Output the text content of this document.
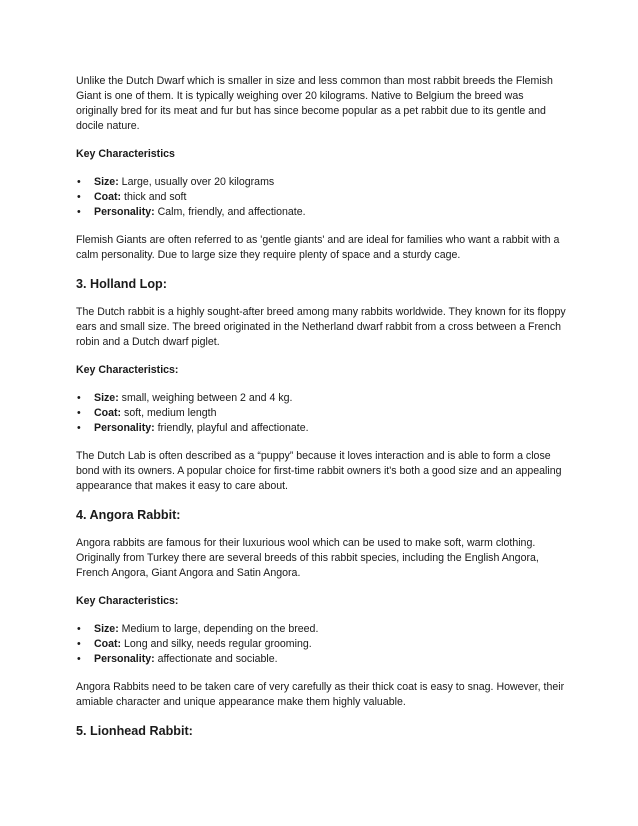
Unlike the Dutch Dwarf which is smaller in size and less common than most rabbit breeds the Flemish Giant is one of them. It is typically weighing over 20 kilograms. Native to Belgium the breed was originally bred for its meat and fur but has since become popular as a pet rabbit due to its gentle and docile nature.

Key Characteristics
• Size: Large, usually over 20 kilograms
• Coat: thick and soft
• Personality: Calm, friendly, and affectionate.

Flemish Giants are often referred to as 'gentle giants' and are ideal for families who want a rabbit with a calm personality. Due to large size they require plenty of space and a sturdy cage.

3. Holland Lop:

The Dutch rabbit is a highly sought-after breed among many rabbits worldwide. They known for its floppy ears and small size. The breed originated in the Netherland dwarf rabbit from a cross between a French robin and a Dutch dwarf piglet.

Key Characteristics:
• Size: small, weighing between 2 and 4 kg.
• Coat: soft, medium length
• Personality: friendly, playful and affectionate.

The Dutch Lab is often described as a “puppy” because it loves interaction and is able to form a close bond with its owners. A popular choice for first-time rabbit owners it's both a good size and an appealing appearance that makes it easy to care about.

4. Angora Rabbit:

Angora rabbits are famous for their luxurious wool which can be used to make soft, warm clothing. Originally from Turkey there are several breeds of this rabbit species, including the English Angora, French Angora, Giant Angora and Satin Angora.

Key Characteristics:
• Size: Medium to large, depending on the breed.
• Coat: Long and silky, needs regular grooming.
• Personality: affectionate and sociable.

Angora Rabbits need to be taken care of very carefully as their thick coat is easy to snag. However, their amiable character and unique appearance make them highly valuable.

5. Lionhead Rabbit:
